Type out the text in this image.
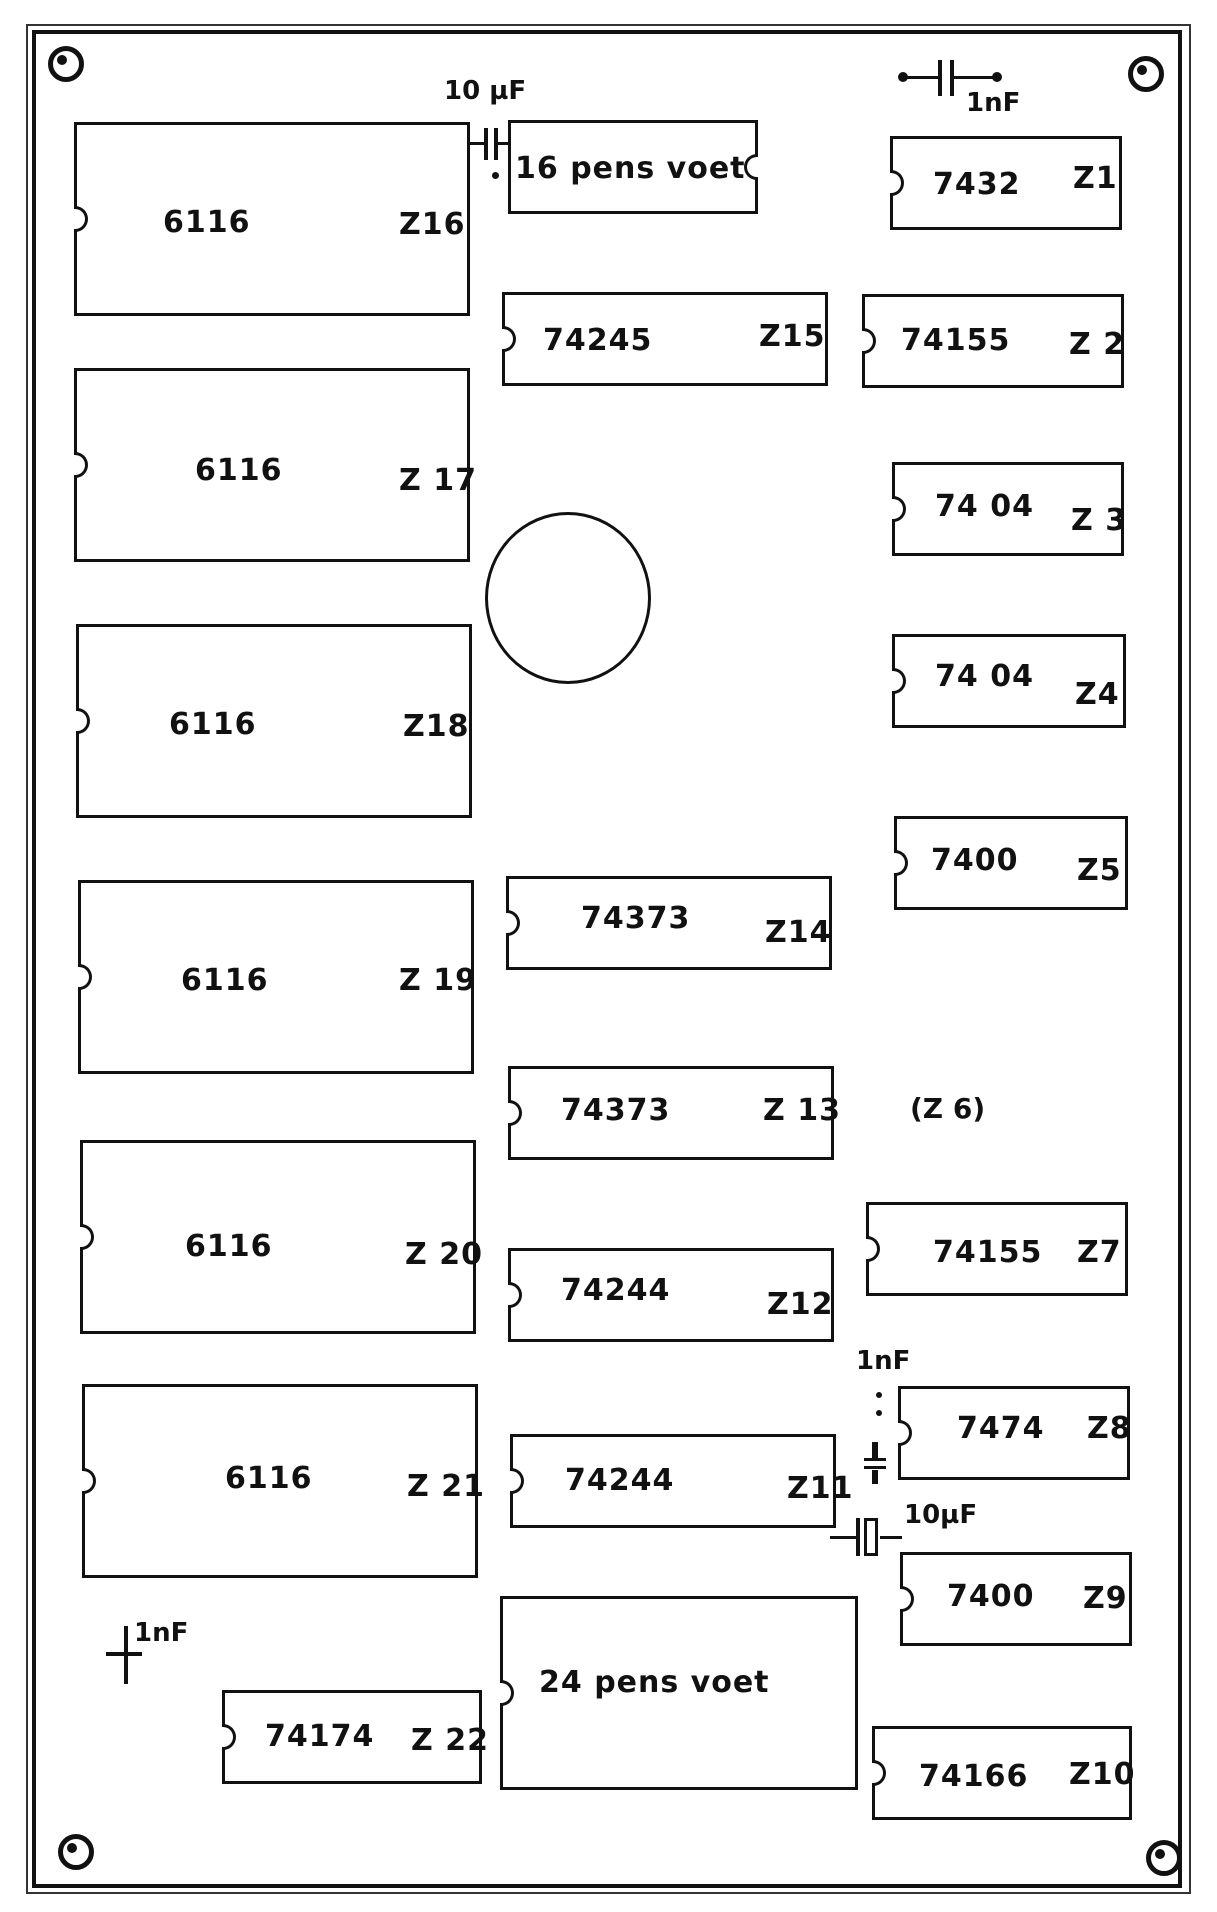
6116	Z16
6116	Z 17
6116	Z18
6116	Z 19
6116	Z 20
6116	Z 21
16 pens voet
74245	Z15
74373 Z14
74373	Z 13
74244	Z12
74244	Z11
24 pens voet
74174 Z 22
7432 Z1
74155 Z 2
74 04 Z 3
74 04
Z4
7400 Z5
(Z 6)
74155 Z7
7474 Z8
7400 Z9
74166 Z10
10 µF	1nF
1nF
10µF
1nF
